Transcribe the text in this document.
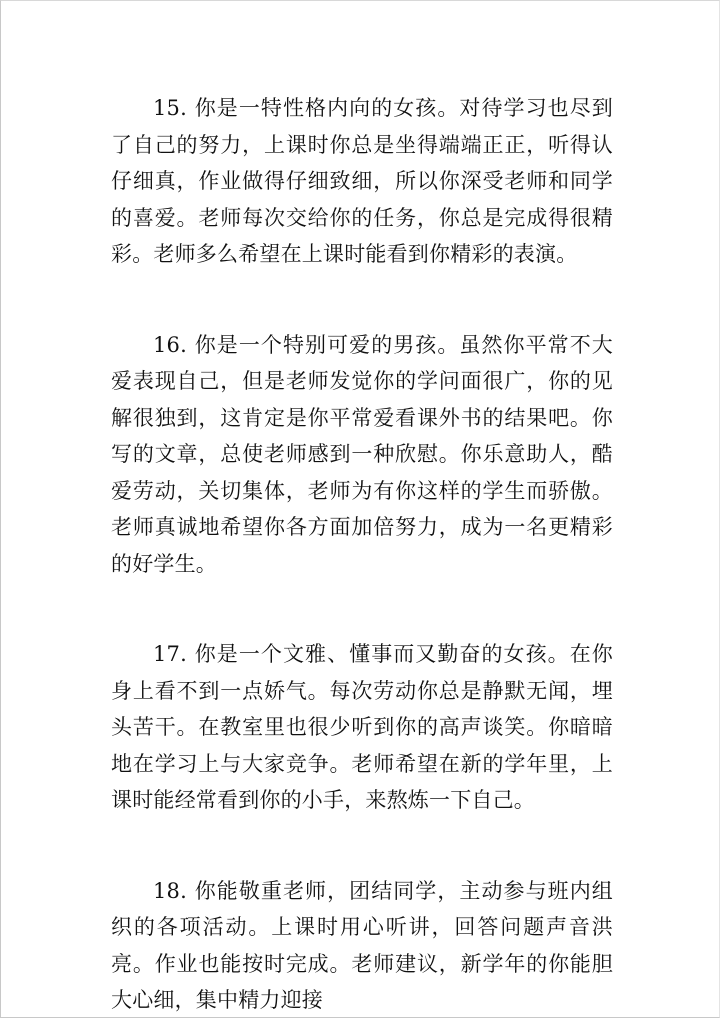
15. 你是一特性格内向的女孩。对待学习也尽到了自己的努力，上课时你总是坐得端端正正，听得认仔细真，作业做得仔细致细，所以你深受老师和同学的喜爱。老师每次交给你的任务，你总是完成得很精彩。老师多么希望在上课时能看到你精彩的表演。

16. 你是一个特别可爱的男孩。虽然你平常不大爱表现自己，但是老师发觉你的学问面很广，你的见解很独到，这肯定是你平常爱看课外书的结果吧。你写的文章，总使老师感到一种欣慰。你乐意助人，酷爱劳动，关切集体，老师为有你这样的学生而骄傲。老师真诚地希望你各方面加倍努力，成为一名更精彩的好学生。

17. 你是一个文雅、懂事而又勤奋的女孩。在你身上看不到一点娇气。每次劳动你总是静默无闻，埋头苦干。在教室里也很少听到你的高声谈笑。你暗暗地在学习上与大家竞争。老师希望在新的学年里，上课时能经常看到你的小手，来熬炼一下自己。

18. 你能敬重老师，团结同学，主动参与班内组织的各项活动。上课时用心听讲，回答问题声音洪亮。作业也能按时完成。老师建议，新学年的你能胆大心细，集中精力迎接
